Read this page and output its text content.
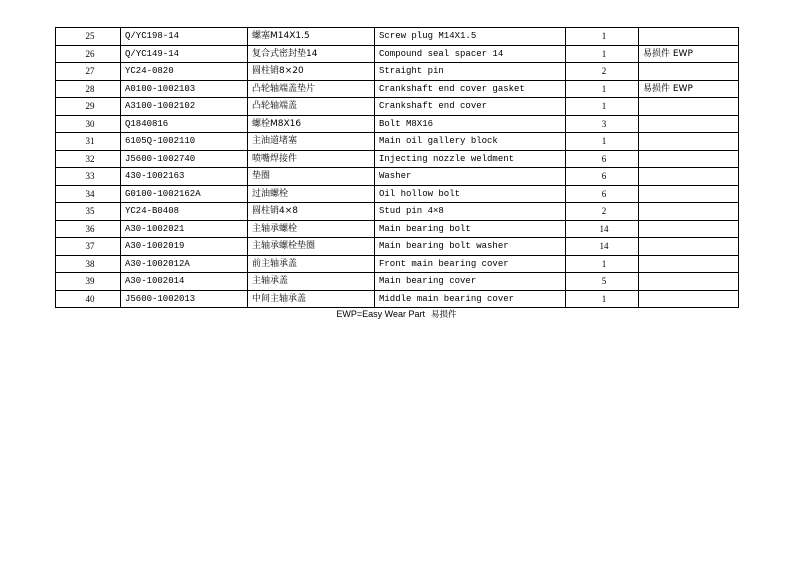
25	Q/YC198-14	螺塞M14X1.5	Screw plug M14X1.5	1	
26	Q/YC149-14	复合式密封垫14	Compound seal spacer 14	1	易损件 EWP
27	YC24-0820	圆柱销8×20	Straight pin	2	
28	A0100-1002103	凸轮轴端盖垫片	Crankshaft end cover gasket	1	易损件 EWP
29	A3100-1002102	凸轮轴端盖	Crankshaft end cover	1	
30	Q1840816	螺栓M8X16	Bolt M8X16	3	
31	6105Q-1002110	主油道堵塞	Main oil gallery block	1	
32	J5600-1002740	喷嘴焊接件	Injecting nozzle weldment	6	
33	430-1002163	垫圈	Washer	6	
34	G0100-1002162A	过油螺栓	Oil hollow bolt	6	
35	YC24-B0408	圆柱销4×8	Stud pin 4×8	2	
36	A30-1002021	主轴承螺栓	Main bearing bolt	14	
37	A30-1002019	主轴承螺栓垫圈	Main bearing bolt washer	14	
38	A30-1002012A	前主轴承盖	Front main bearing cover	1	
39	A30-1002014	主轴承盖	Main bearing cover	5	
40	J5600-1002013	中间主轴承盖	Middle main bearing cover	1	
EWP=Easy Wear Part 易损件
